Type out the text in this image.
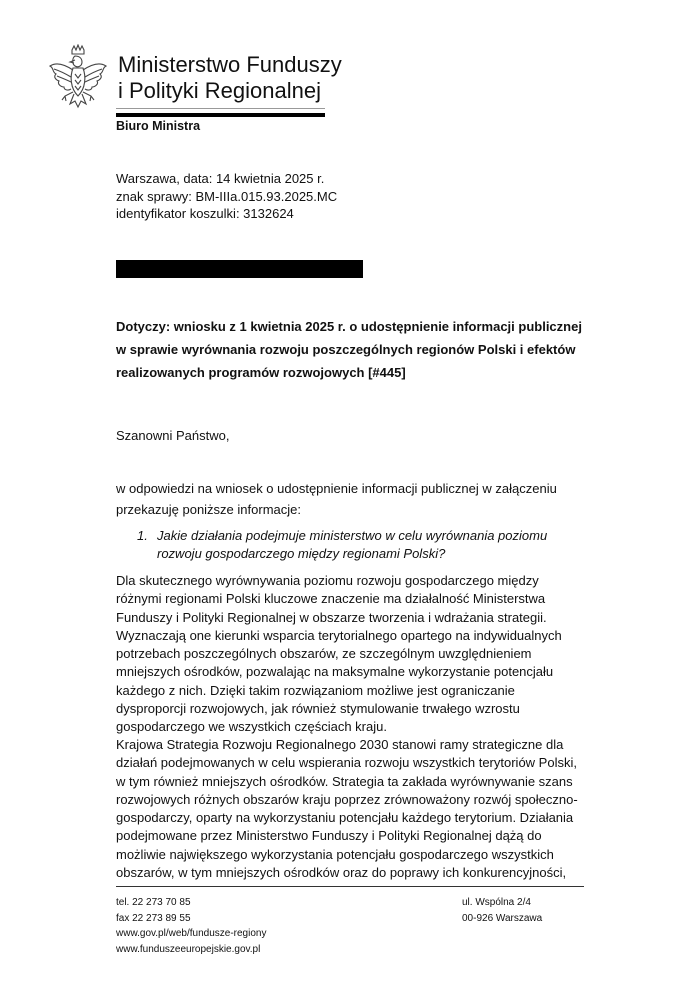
Ministerstwo Funduszy
i Polityki Regionalnej
Biuro Ministra
Warszawa, data: 14 kwietnia 2025 r.
znak sprawy: BM-IIIa.015.93.2025.MC
identyfikator koszulki: 3132624
Dotyczy: wniosku z 1 kwietnia 2025 r. o udostępnienie informacji publicznej
w sprawie wyrównania rozwoju poszczególnych regionów Polski i efektów
realizowanych programów rozwojowych [#445]
Szanowni Państwo,
w odpowiedzi na wniosek o udostępnienie informacji publicznej w załączeniu
przekazuję poniższe informacje:
1. Jakie działania podejmuje ministerstwo w celu wyrównania poziomu
rozwoju gospodarczego między regionami Polski?
Dla skutecznego wyrównywania poziomu rozwoju gospodarczego między
różnymi regionami Polski kluczowe znaczenie ma działalność Ministerstwa
Funduszy i Polityki Regionalnej w obszarze tworzenia i wdrażania strategii.
Wyznaczają one kierunki wsparcia terytorialnego opartego na indywidualnych
potrzebach poszczególnych obszarów, ze szczególnym uwzględnieniem
mniejszych ośrodków, pozwalając na maksymalne wykorzystanie potencjału
każdego z nich. Dzięki takim rozwiązaniom możliwe jest ograniczanie
dysproporcji rozwojowych, jak również stymulowanie trwałego wzrostu
gospodarczego we wszystkich częściach kraju.
Krajowa Strategia Rozwoju Regionalnego 2030 stanowi ramy strategiczne dla
działań podejmowanych w celu wspierania rozwoju wszystkich terytoriów Polski,
w tym również mniejszych ośrodków. Strategia ta zakłada wyrównywanie szans
rozwojowych różnych obszarów kraju poprzez zrównoważony rozwój społeczno-
gospodarczy, oparty na wykorzystaniu potencjału każdego terytorium. Działania
podejmowane przez Ministerstwo Funduszy i Polityki Regionalnej dążą do
możliwie największego wykorzystania potencjału gospodarczego wszystkich
obszarów, w tym mniejszych ośrodków oraz do poprawy ich konkurencyjności,
tel. 22 273 70 85
fax 22 273 89 55
www.gov.pl/web/fundusze-regiony
www.funduszeeuropejskie.gov.pl
ul. Wspólna 2/4
00-926 Warszawa
